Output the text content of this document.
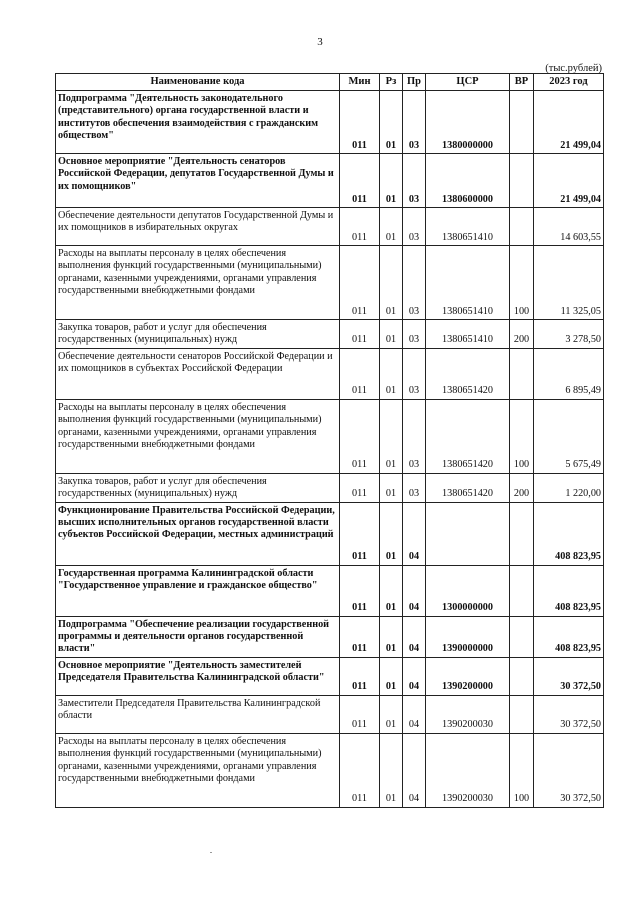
3
(тыс.рублей)
Наименование кода	Мин	Рз	Пр	ЦСР	ВР	2023 год
Подпрограмма "Деятельность законодательного (представительного) органа государственной власти и институтов обеспечения взаимодействия с гражданским обществом"	011	01	03	1380000000		21 499,04
Основное мероприятие "Деятельность сенаторов Российской Федерации, депутатов Государственной Думы и их помощников"	011	01	03	1380600000		21 499,04
Обеспечение деятельности депутатов Государственной Думы и их помощников в избирательных округах	011	01	03	1380651410		14 603,55
Расходы на выплаты персоналу в целях обеспечения выполнения функций государственными (муниципальными) органами, казенными учреждениями, органами управления государственными внебюджетными фондами	011	01	03	1380651410	100	11 325,05
Закупка товаров, работ и услуг для обеспечения государственных (муниципальных) нужд	011	01	03	1380651410	200	3 278,50
Обеспечение деятельности сенаторов Российской Федерации и их помощников в субъектах Российской Федерации	011	01	03	1380651420		6 895,49
Расходы на выплаты персоналу в целях обеспечения выполнения функций государственными (муниципальными) органами, казенными учреждениями, органами управления государственными внебюджетными фондами	011	01	03	1380651420	100	5 675,49
Закупка товаров, работ и услуг для обеспечения государственных (муниципальных) нужд	011	01	03	1380651420	200	1 220,00
Функционирование Правительства Российской Федерации, высших исполнительных органов государственной власти субъектов Российской Федерации, местных администраций	011	01	04			408 823,95
Государственная программа Калининградской области "Государственное управление и гражданское общество"	011	01	04	1300000000		408 823,95
Подпрограмма "Обеспечение реализации государственной программы и деятельности органов государственной власти"	011	01	04	1390000000		408 823,95
Основное мероприятие "Деятельность заместителей Председателя Правительства Калининградской области"	011	01	04	1390200000		30 372,50
Заместители Председателя Правительства Калининградской области	011	01	04	1390200030		30 372,50
Расходы на выплаты персоналу в целях обеспечения выполнения функций государственными (муниципальными) органами, казенными учреждениями, органами управления государственными внебюджетными фондами	011	01	04	1390200030	100	30 372,50
